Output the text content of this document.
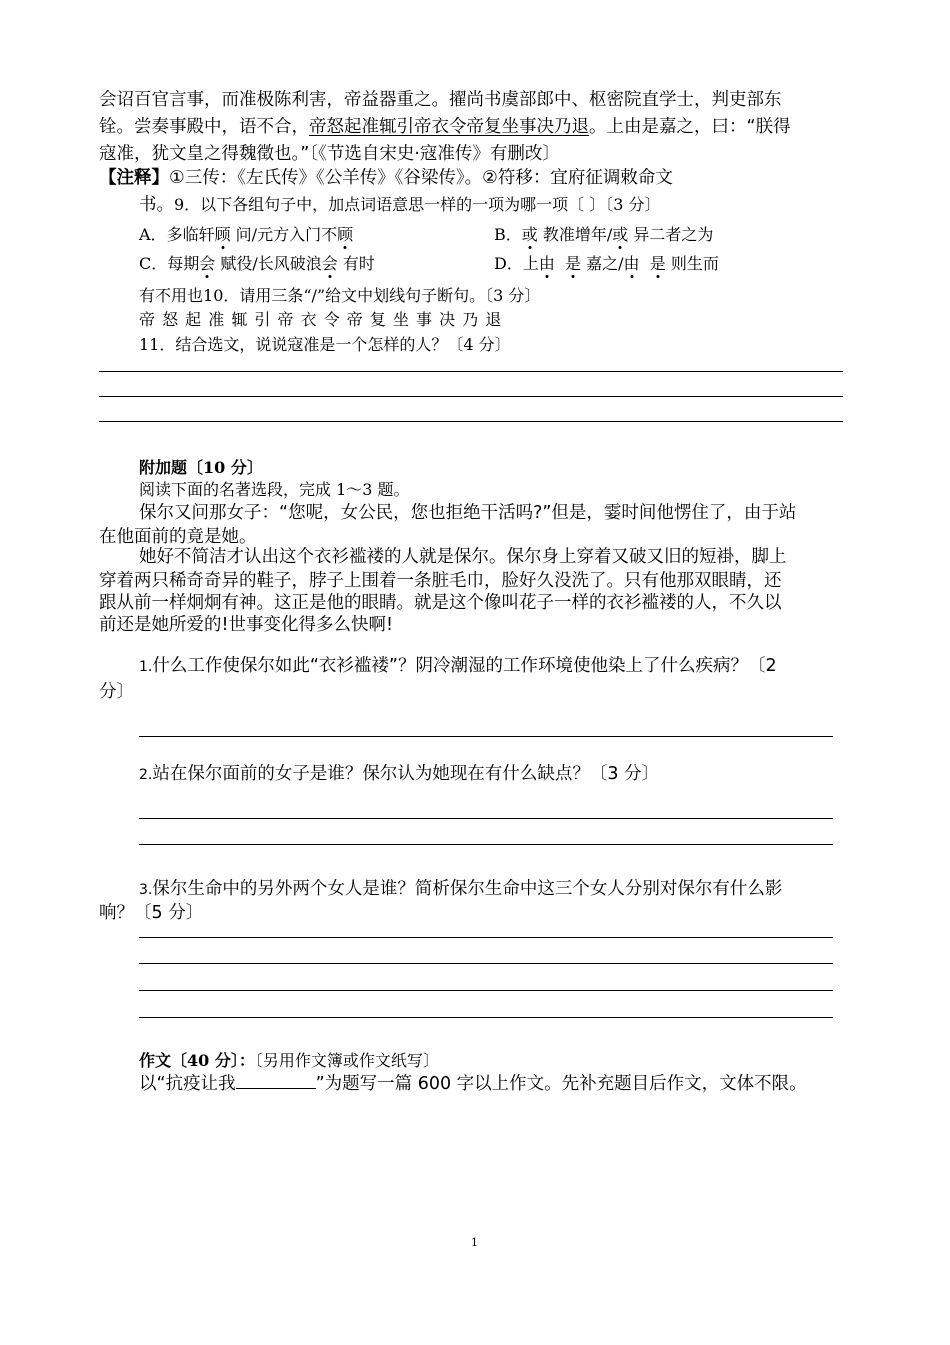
会诏百官言事，而准极陈利害，帝益器重之。擢尚书虞部郎中、枢密院直学士，判吏部东
铨。尝奏事殿中，语不合，帝怒起准辄引帝衣令帝复坐事决乃退。上由是嘉之，曰：“朕得
寇准，犹文皇之得魏徵也。”〔《节选自宋史·寇准传》有删改〕
【注释】①三传：《左氏传》《公羊传》《谷梁传》。②符移：宜府征调敕命文
书。9．以下各组句子中，加点词语意思一样的一项为哪一项〔 〕〔3 分〕
A．多临轩顾 问/元方入门不顾	B．或 教准增年/或 异二者之为
C．每期会 赋役/长风破浪会 有时	D．上由 是 嘉之/由 是 则生而
有不用也10．请用三条“/”给文中划线句子断句。〔3 分〕
帝 怒 起 准 辄 引 帝 衣 令 帝 复 坐 事 决 乃 退
11．结合选文，说说寇准是一个怎样的人？〔4 分〕
附加题〔10 分〕
阅读下面的名著选段，完成 1～3 题。
保尔又问那女子：“您呢，女公民，您也拒绝干活吗?”但是，霎时间他愣住了，由于站
在他面前的竟是她。
她好不简洁才认出这个衣衫褴褛的人就是保尔。保尔身上穿着又破又旧的短褂，脚上
穿着两只稀奇奇异的鞋子，脖子上围着一条脏毛巾，脸好久没洗了。只有他那双眼睛，还
跟从前一样炯炯有神。这正是他的眼睛。就是这个像叫花子一样的衣衫褴褛的人，不久以
前还是她所爱的!世事变化得多么快啊!
1.什么工作使保尔如此“衣衫褴褛”？阴冷潮湿的工作环境使他染上了什么疾病？〔2
分〕
2.站在保尔面前的女子是谁？保尔认为她现在有什么缺点？〔3 分〕
3.保尔生命中的另外两个女人是谁？简析保尔生命中这三个女人分别对保尔有什么影
响？〔5 分〕
作文〔40 分〕：〔另用作文簿或作文纸写〕
以“抗疫让我	”为题写一篇 600 字以上作文。先补充题目后作文，文体不限。
1
